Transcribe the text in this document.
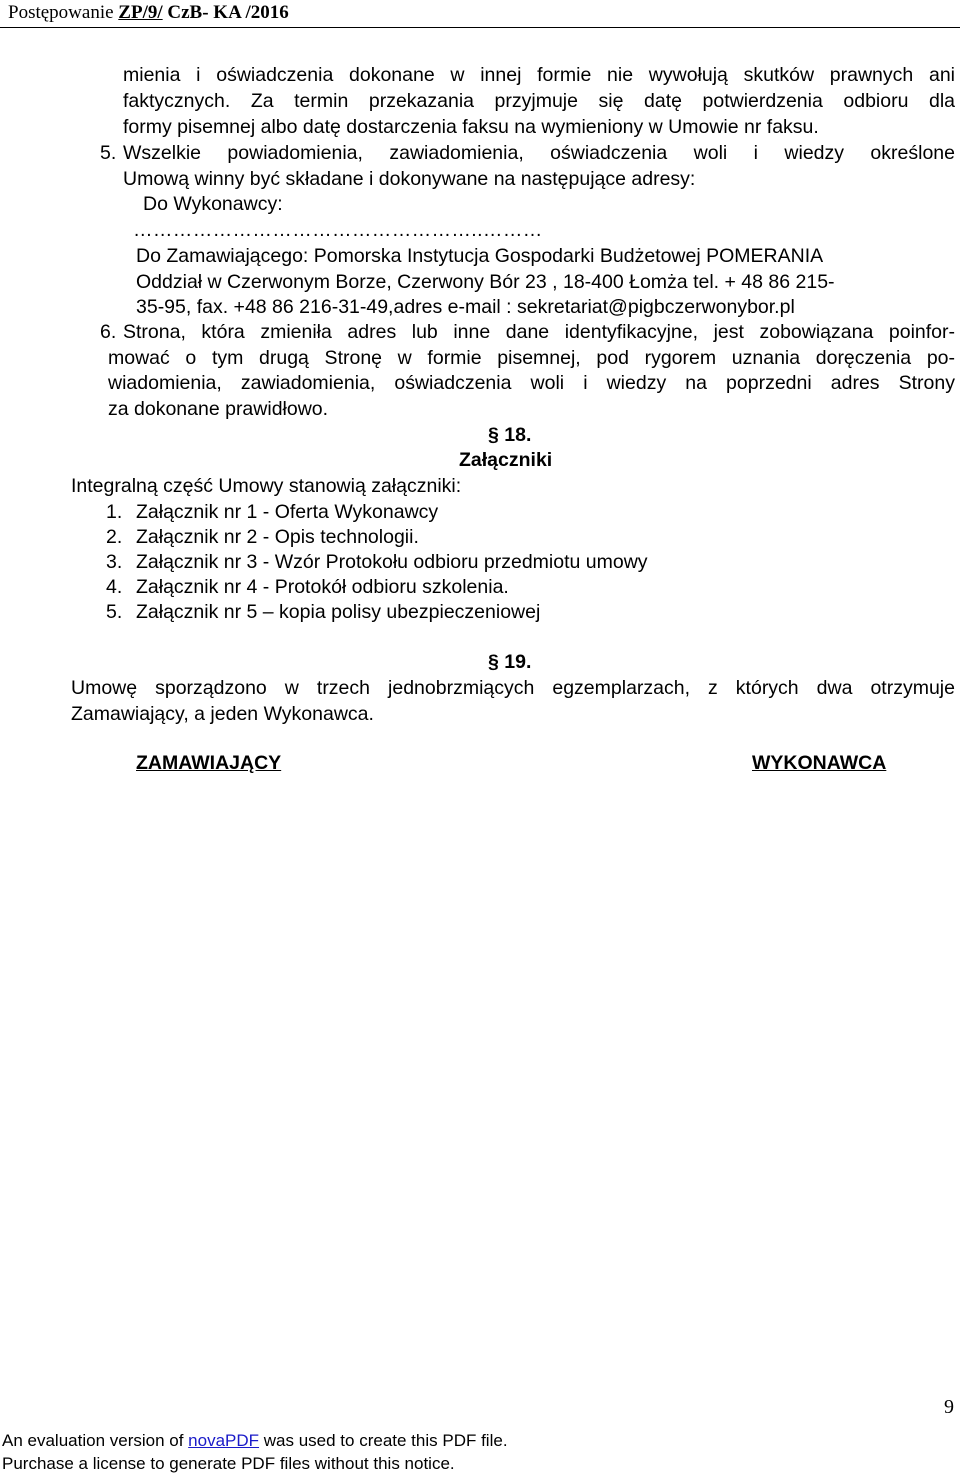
Postępowanie ZP/9/ CzB- KA /2016
mienia i oświadczenia dokonane w innej formie nie wywołują skutków prawnych ani
faktycznych. Za termin przekazania przyjmuje się datę potwierdzenia odbioru dla
formy pisemnej albo datę dostarczenia faksu na wymieniony w Umowie nr faksu.
5. Wszelkie powiadomienia, zawiadomienia, oświadczenia woli i wiedzy określone
Umową winny być składane i dokonywane na następujące adresy:
Do Wykonawcy:
……………………………………………..………
Do Zamawiającego: Pomorska Instytucja Gospodarki Budżetowej POMERANIA
Oddział w Czerwonym Borze, Czerwony Bór 23 , 18-400 Łomża tel. + 48 86 215-
35-95, fax. +48 86 216-31-49,adres e-mail : sekretariat@pigbczerwonybor.pl
6. Strona, która zmieniła adres lub inne dane identyfikacyjne, jest zobowiązana poinfor-
mować o tym drugą Stronę w formie pisemnej, pod rygorem uznania doręczenia po-
wiadomienia, zawiadomienia, oświadczenia woli i wiedzy na poprzedni adres Strony
za dokonane prawidłowo.
§ 18.
Załączniki
Integralną część Umowy stanowią załączniki:
1. Załącznik nr 1 - Oferta Wykonawcy
2. Załącznik nr 2 - Opis technologii.
3. Załącznik nr 3 - Wzór Protokołu odbioru przedmiotu umowy
4. Załącznik nr 4 - Protokół odbioru szkolenia.
5. Załącznik nr 5 – kopia polisy ubezpieczeniowej
§ 19.
Umowę sporządzono w trzech jednobrzmiących egzemplarzach, z których dwa otrzymuje
Zamawiający, a jeden Wykonawca.
ZAMAWIAJĄCY	WYKONAWCA
9
An evaluation version of novaPDF was used to create this PDF file.
Purchase a license to generate PDF files without this notice.
